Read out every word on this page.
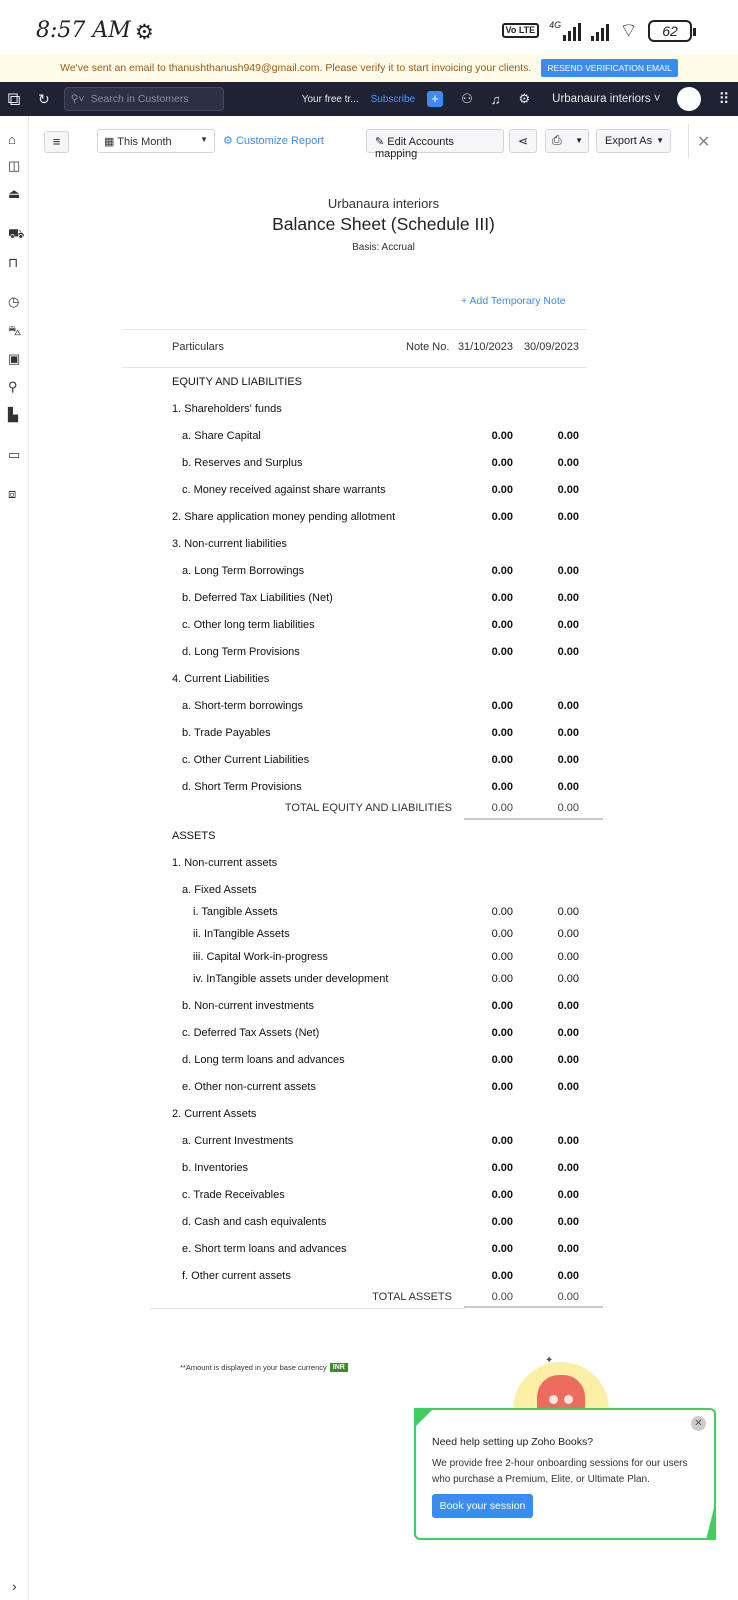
8:57 AM ⚙	Vo LTE
4G	⌔	62
We've sent an email to thanushthanush949@gmail.com. Please verify it to start invoicing your clients.	RESEND VERIFICATION EMAIL
⧉	↻ ⚲˅ Search in Customers	Your free tr... Subscribe	+	⚇ ♫ ⚙ Urbanaura interiors ˅	⠿
⌂
◫
⏏
⛟
⊓
◷
⛍
▣
⚲
▙
▭
⧈
≡	▦ This Month	▼ ⚙ Customize Report	✎ Edit Accounts mapping
⋖	⎙ ▼	Export As ▼ ✕
Urbanaura interiors
Balance Sheet (Schedule III)
Basis: Accrual
+ Add Temporary Note
Particulars	Note No. 31/10/2023 30/09/2023
EQUITY AND LIABILITIES
1. Shareholders' funds
a. Share Capital	0.00	0.00
b. Reserves and Surplus	0.00	0.00
c. Money received against share warrants	0.00	0.00
2. Share application money pending allotment	0.00	0.00
3. Non-current liabilities
a. Long Term Borrowings	0.00	0.00
b. Deferred Tax Liabilities (Net)	0.00	0.00
c. Other long term liabilities	0.00	0.00
d. Long Term Provisions	0.00	0.00
4. Current Liabilities
a. Short-term borrowings	0.00	0.00
b. Trade Payables	0.00	0.00
c. Other Current Liabilities	0.00	0.00
d. Short Term Provisions	0.00	0.00
TOTAL EQUITY AND LIABILITIES	0.00	0.00
ASSETS
1. Non-current assets
a. Fixed Assets
i. Tangible Assets	0.00	0.00
ii. InTangible Assets	0.00	0.00
iii. Capital Work-in-progress	0.00	0.00
iv. InTangible assets under development	0.00	0.00
b. Non-current investments	0.00	0.00
c. Deferred Tax Assets (Net)	0.00	0.00
d. Long term loans and advances	0.00	0.00
e. Other non-current assets	0.00	0.00
2. Current Assets
a. Current Investments	0.00	0.00
b. Inventories	0.00	0.00
c. Trade Receivables	0.00	0.00
d. Cash and cash equivalents	0.00	0.00
e. Short term loans and advances	0.00	0.00
f. Other current assets	0.00	0.00
TOTAL ASSETS	0.00	0.00
**Amount is displayed in your base currency INR
✦
✕
Need help setting up Zoho Books?
We provide free 2-hour onboarding sessions for our users who purchase a Premium, Elite, or Ultimate Plan.
Book your session
›
